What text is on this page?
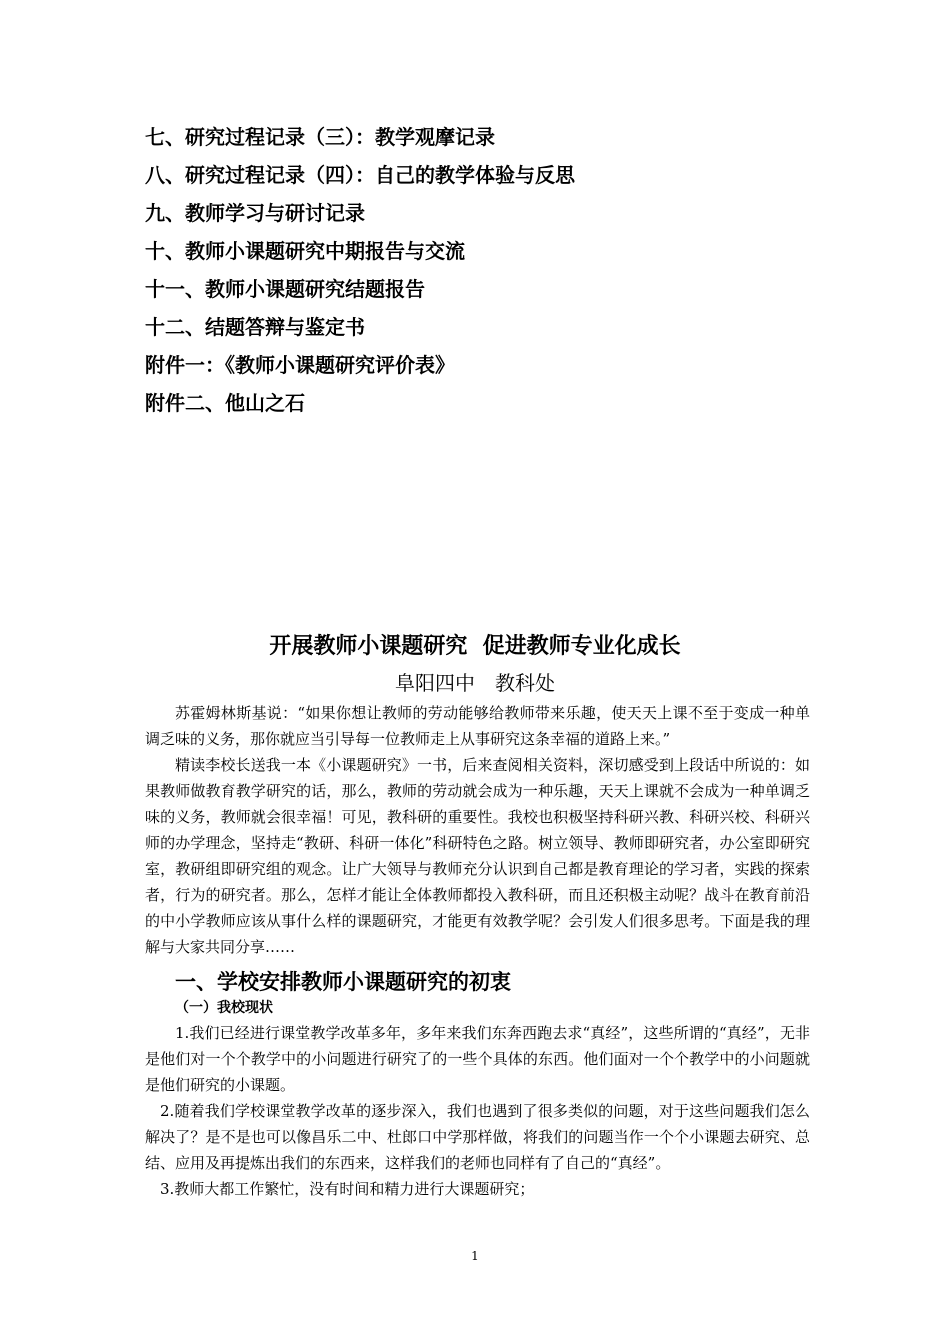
七、研究过程记录（三）：教学观摩记录
八、研究过程记录（四）：自己的教学体验与反思
九、教师学习与研讨记录
十、教师小课题研究中期报告与交流
十一、教师小课题研究结题报告
十二、结题答辩与鉴定书
附件一：《教师小课题研究评价表》
附件二、他山之石
开展教师小课题研究  促进教师专业化成长
阜阳四中　教科处

苏霍姆林斯基说：“如果你想让教师的劳动能够给教师带来乐趣，使天天上课不至于变成一种单调乏味的义务，那你就应当引导每一位教师走上从事研究这条幸福的道路上来。”

精读李校长送我一本《小课题研究》一书，后来查阅相关资料，深切感受到上段话中所说的：如果教师做教育教学研究的话，那么，教师的劳动就会成为一种乐趣，天天上课就不会成为一种单调乏味的义务，教师就会很幸福！可见，教科研的重要性。我校也积极坚持科研兴教、科研兴校、科研兴师的办学理念，坚持走“教研、科研一体化”科研特色之路。树立领导、教师即研究者，办公室即研究室，教研组即研究组的观念。让广大领导与教师充分认识到自己都是教育理论的学习者，实践的探索者，行为的研究者。那么，怎样才能让全体教师都投入教科研，而且还积极主动呢？战斗在教育前沿的中小学教师应该从事什么样的课题研究，才能更有效教学呢？会引发人们很多思考。下面是我的理解与大家共同分享……

一、学校安排教师小课题研究的初衷
（一）我校现状

1.我们已经进行课堂教学改革多年，多年来我们东奔西跑去求“真经”，这些所谓的“真经”，无非是他们对一个个教学中的小问题进行研究了的一些个具体的东西。他们面对一个个教学中的小问题就是他们研究的小课题。

2.随着我们学校课堂教学改革的逐步深入，我们也遇到了很多类似的问题，对于这些问题我们怎么解决了？是不是也可以像昌乐二中、杜郎口中学那样做，将我们的问题当作一个个小课题去研究、总结、应用及再提炼出我们的东西来，这样我们的老师也同样有了自己的“真经”。

3.教师大都工作繁忙，没有时间和精力进行大课题研究；

1
